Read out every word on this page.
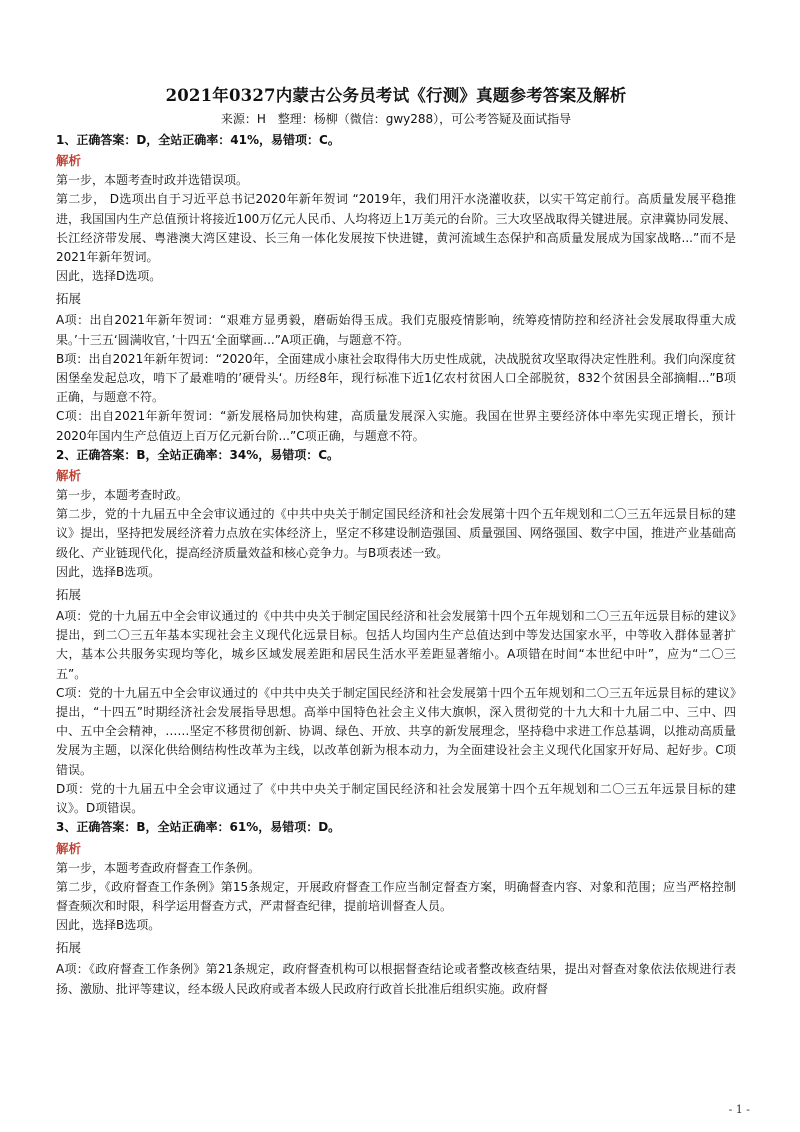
2021年0327内蒙古公务员考试《行测》真题参考答案及解析
来源：H 整理：杨柳（微信：gwy288），可公考答疑及面试指导

1、正确答案：D，全站正确率：41%，易错项：C。

解析

第一步，本题考查时政并选错误项。

第二步， D选项出自于习近平总书记2020年新年贺词 “2019年，我们用汗水浇灌收获，以实干笃定前行。高质量发展平稳推进，我国国内生产总值预计将接近100万亿元人民币、人均将迈上1万美元的台阶。三大攻坚战取得关键进展。京津冀协同发展、长江经济带发展、粤港澳大湾区建设、长三角一体化发展按下快进键，黄河流域生态保护和高质量发展成为国家战略...”而不是2021年新年贺词。

因此，选择D选项。

拓展

A项：出自2021年新年贺词：“艰难方显勇毅，磨砺始得玉成。我们克服疫情影响，统筹疫情防控和经济社会发展取得重大成果。’十三五‘圆满收官，’十四五‘全面擘画...”A项正确，与题意不符。

B项：出自2021年新年贺词：“2020年，全面建成小康社会取得伟大历史性成就，决战脱贫攻坚取得决定性胜利。我们向深度贫困堡垒发起总攻，啃下了最难啃的’硬骨头‘。历经8年，现行标准下近1亿农村贫困人口全部脱贫，832个贫困县全部摘帽...”B项正确，与题意不符。

C项：出自2021年新年贺词：“新发展格局加快构建，高质量发展深入实施。我国在世界主要经济体中率先实现正增长，预计2020年国内生产总值迈上百万亿元新台阶...”C项正确，与题意不符。

2、正确答案：B，全站正确率：34%，易错项：C。

解析

第一步，本题考查时政。

第二步，党的十九届五中全会审议通过的《中共中央关于制定国民经济和社会发展第十四个五年规划和二〇三五年远景目标的建议》提出，坚持把发展经济着力点放在实体经济上，坚定不移建设制造强国、质量强国、网络强国、数字中国，推进产业基础高级化、产业链现代化，提高经济质量效益和核心竞争力。与B项表述一致。

因此，选择B选项。

拓展

A项：党的十九届五中全会审议通过的《中共中央关于制定国民经济和社会发展第十四个五年规划和二〇三五年远景目标的建议》提出，到二〇三五年基本实现社会主义现代化远景目标。包括人均国内生产总值达到中等发达国家水平，中等收入群体显著扩大，基本公共服务实现均等化，城乡区域发展差距和居民生活水平差距显著缩小。A项错在时间“本世纪中叶”，应为“二〇三五”。

C项：党的十九届五中全会审议通过的《中共中央关于制定国民经济和社会发展第十四个五年规划和二〇三五年远景目标的建议》提出，“十四五”时期经济社会发展指导思想。高举中国特色社会主义伟大旗帜，深入贯彻党的十九大和十九届二中、三中、四中、五中全会精神，……坚定不移贯彻创新、协调、绿色、开放、共享的新发展理念，坚持稳中求进工作总基调，以推动高质量发展为主题，以深化供给侧结构性改革为主线，以改革创新为根本动力，为全面建设社会主义现代化国家开好局、起好步。C项错误。

D项：党的十九届五中全会审议通过了《中共中央关于制定国民经济和社会发展第十四个五年规划和二〇三五年远景目标的建议》。D项错误。

3、正确答案：B，全站正确率：61%，易错项：D。

解析

第一步，本题考查政府督查工作条例。

第二步，《政府督查工作条例》第15条规定，开展政府督查工作应当制定督查方案，明确督查内容、对象和范围；应当严格控制督查频次和时限，科学运用督查方式，严肃督查纪律，提前培训督查人员。

因此，选择B选项。

拓展

A项：《政府督查工作条例》第21条规定，政府督查机构可以根据督查结论或者整改核查结果，提出对督查对象依法依规进行表扬、激励、批评等建议，经本级人民政府或者本级人民政府行政首长批准后组织实施。政府督

- 1 -
